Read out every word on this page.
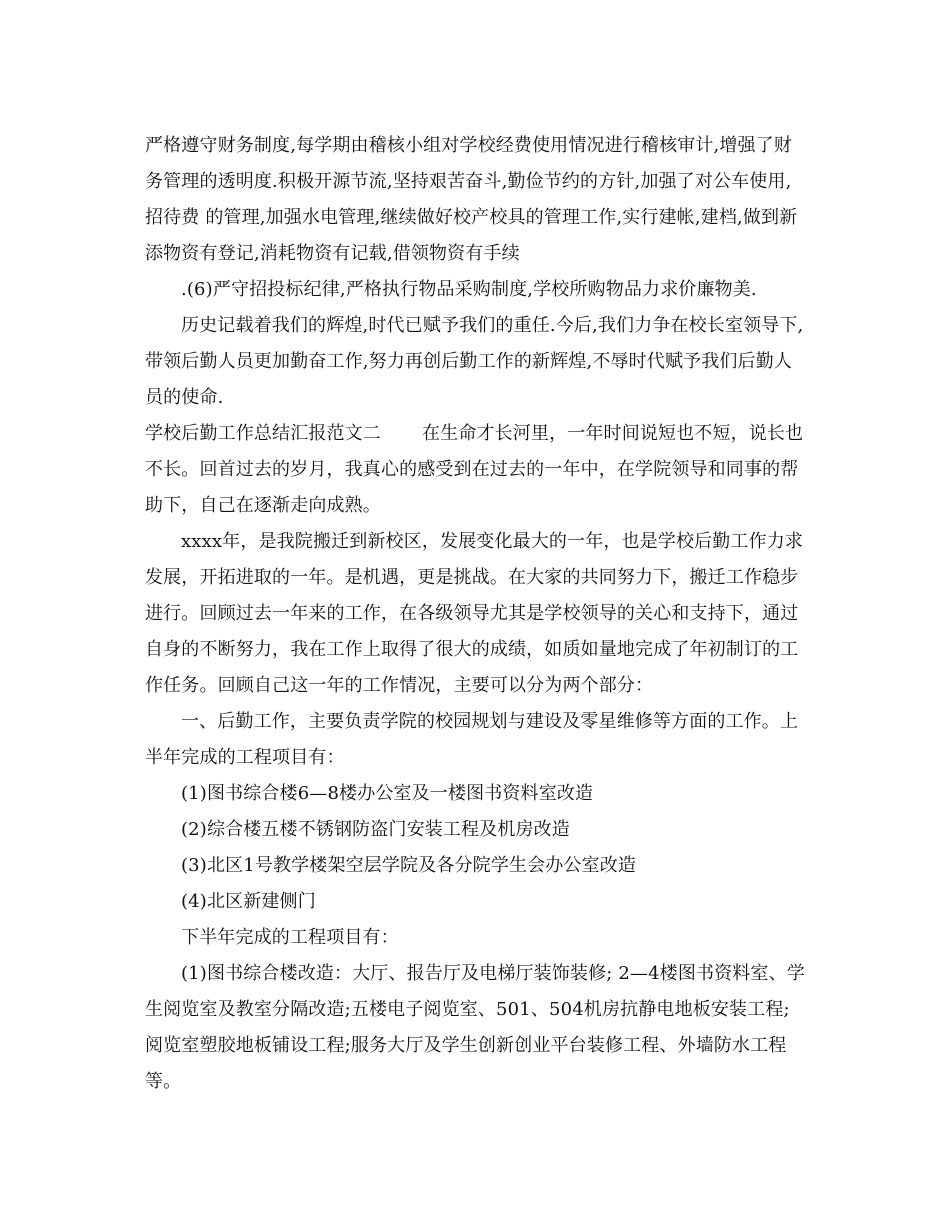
严格遵守财务制度,每学期由稽核小组对学校经费使用情况进行稽核审计,增强了财务管理的透明度.积极开源节流,坚持艰苦奋斗,勤俭节约的方针,加强了对公车使用,招待费 的管理,加强水电管理,继续做好校产校具的管理工作,实行建帐,建档,做到新添物资有登记,消耗物资有记载,借领物资有手续

.(6)严守招投标纪律,严格执行物品采购制度,学校所购物品力求价廉物美.

历史记载着我们的辉煌,时代已赋予我们的重任.今后,我们力争在校长室领导下,带领后勤人员更加勤奋工作,努力再创后勤工作的新辉煌,不辱时代赋予我们后勤人员的使命.

学校后勤工作总结汇报范文二       在生命才长河里，一年时间说短也不短，说长也不长。回首过去的岁月，我真心的感受到在过去的一年中，在学院领导和同事的帮助下，自己在逐渐走向成熟。

xxxx年，是我院搬迁到新校区，发展变化最大的一年，也是学校后勤工作力求发展，开拓进取的一年。是机遇，更是挑战。在大家的共同努力下，搬迁工作稳步进行。回顾过去一年来的工作，在各级领导尤其是学校领导的关心和支持下，通过自身的不断努力，我在工作上取得了很大的成绩，如质如量地完成了年初制订的工作任务。回顾自己这一年的工作情况，主要可以分为两个部分：

一、后勤工作，主要负责学院的校园规划与建设及零星维修等方面的工作。上半年完成的工程项目有：

(1)图书综合楼6—8楼办公室及一楼图书资料室改造

(2)综合楼五楼不锈钢防盗门安装工程及机房改造

(3)北区1号教学楼架空层学院及各分院学生会办公室改造

(4)北区新建侧门

下半年完成的工程项目有：

(1)图书综合楼改造：大厅、报告厅及电梯厅装饰装修; 2—4楼图书资料室、学生阅览室及教室分隔改造;五楼电子阅览室、501、504机房抗静电地板安装工程;阅览室塑胶地板铺设工程;服务大厅及学生创新创业平台装修工程、外墙防水工程等。
